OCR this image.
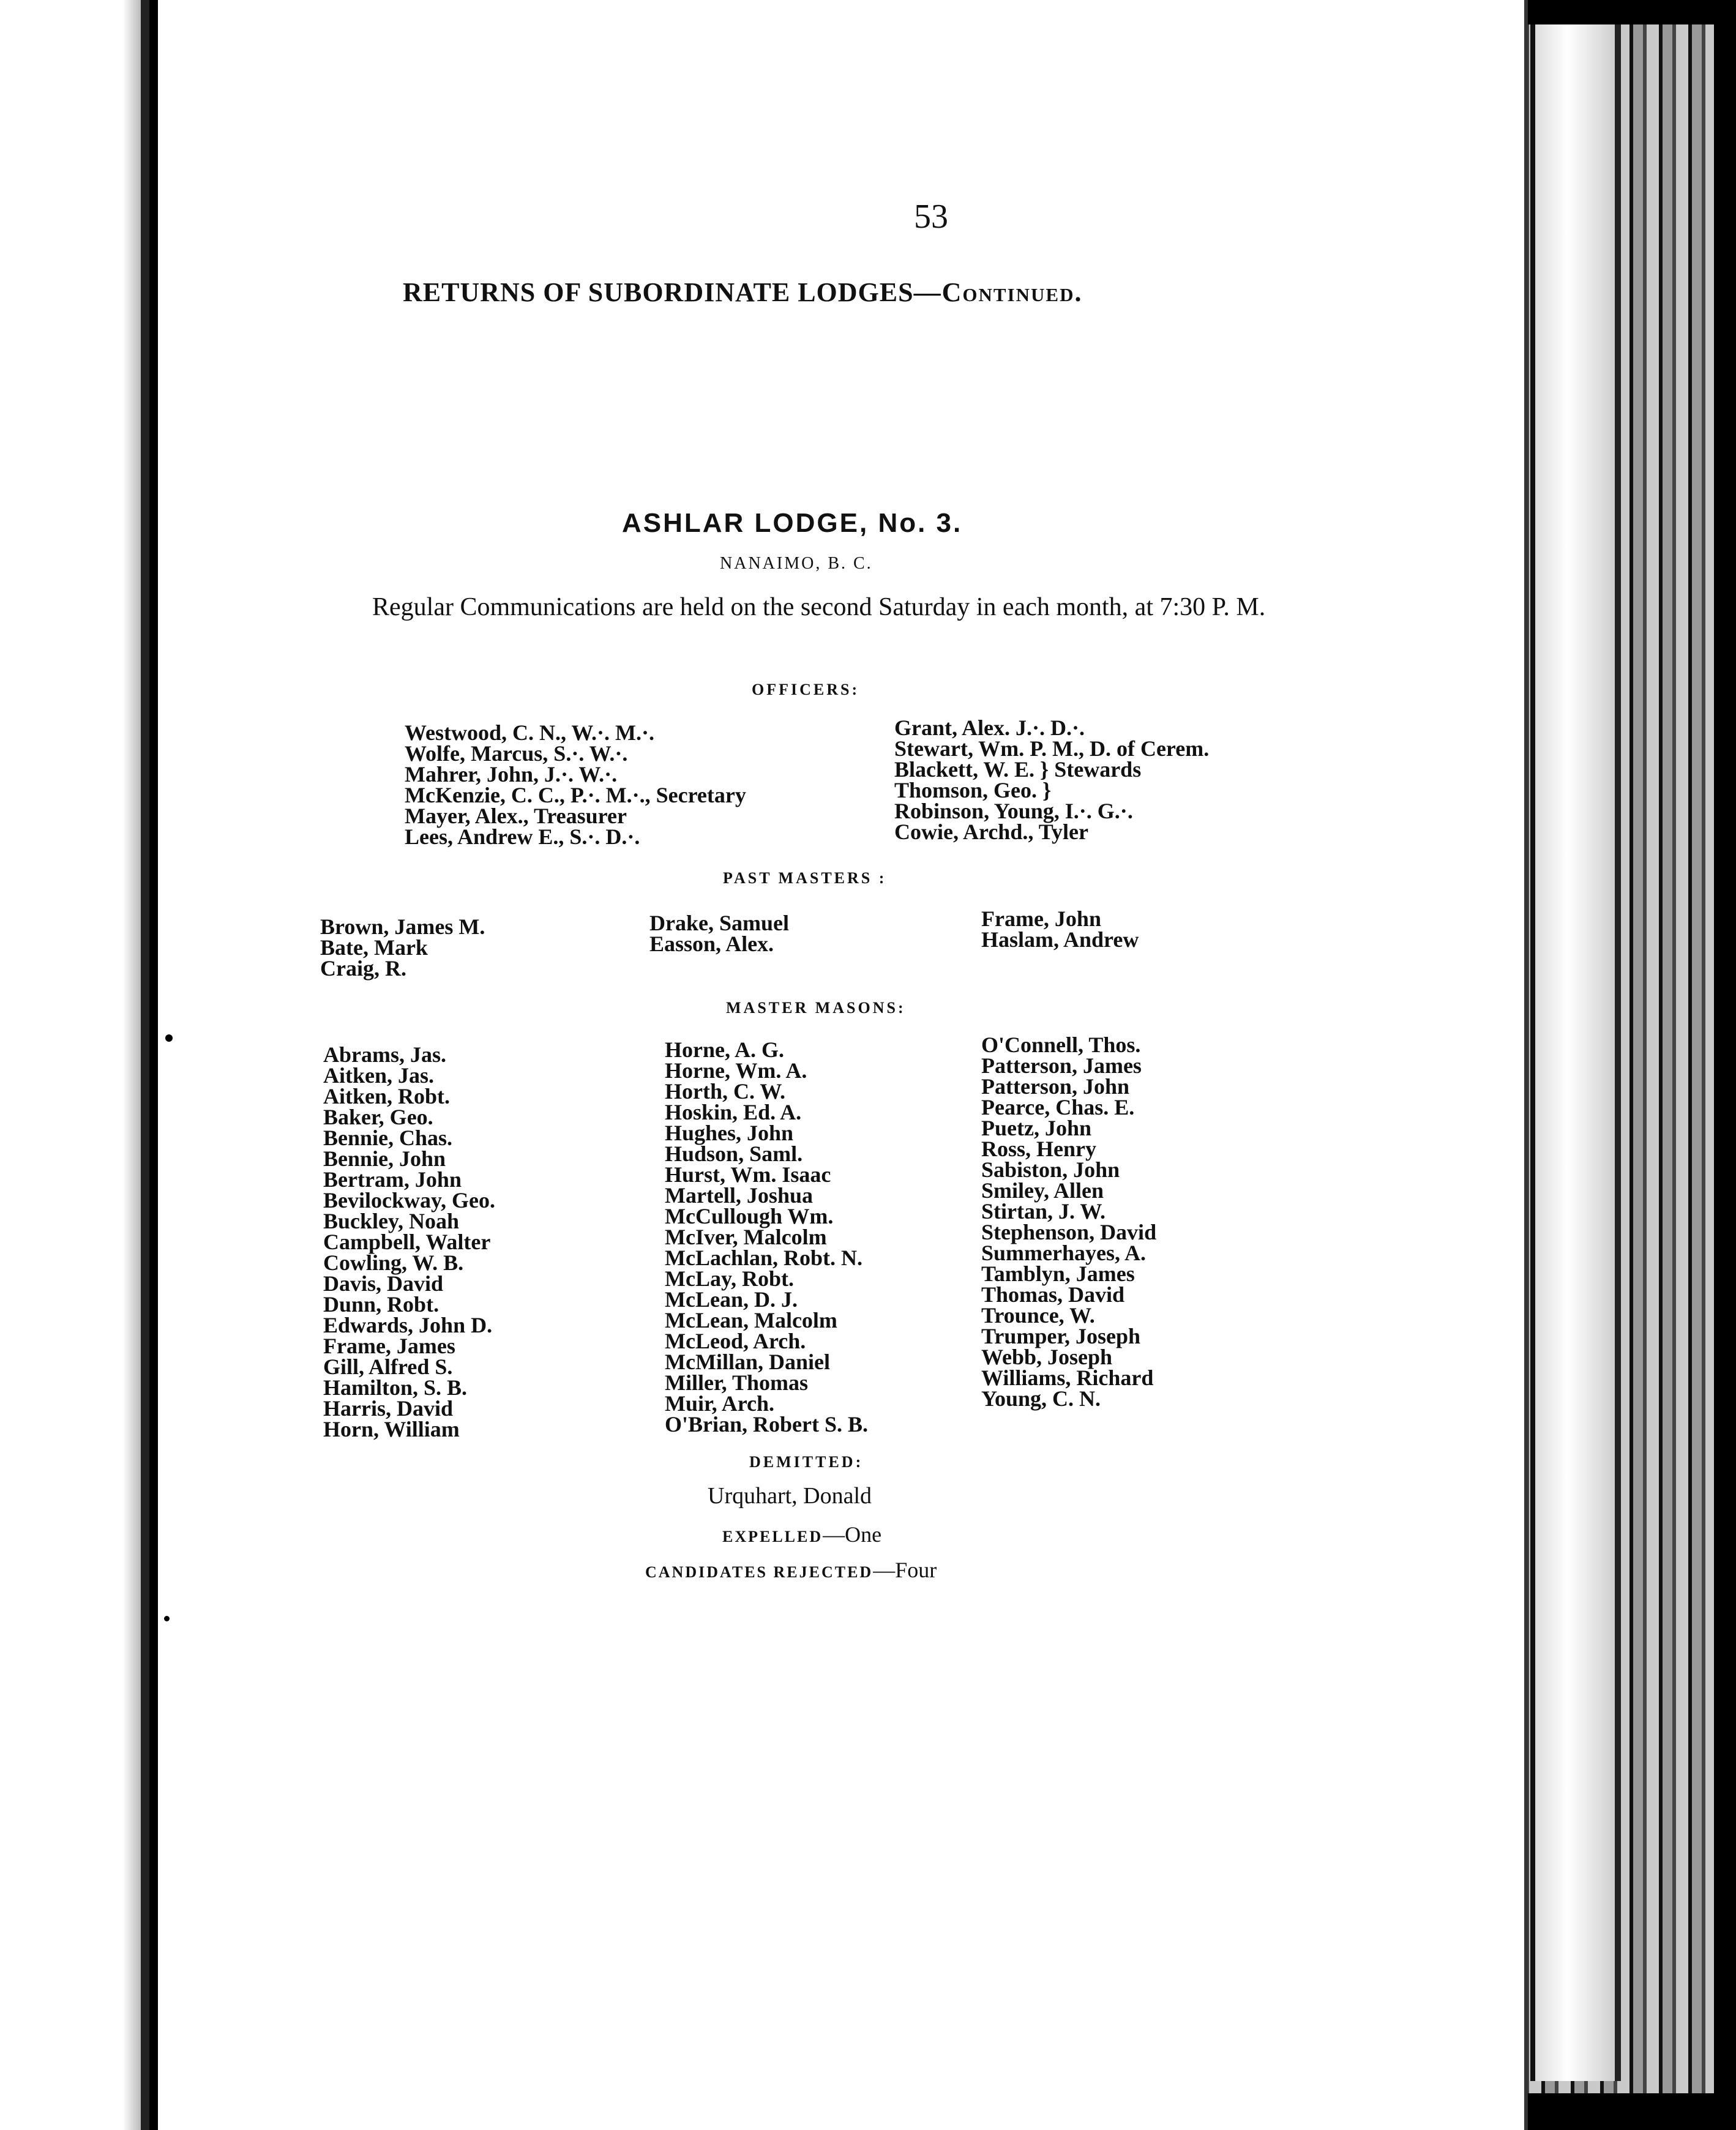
53
RETURNS OF SUBORDINATE LODGES—Continued.
ASHLAR LODGE, No. 3.
NANAIMO, B. C.
Regular Communications are held on the second Saturday in each month, at 7:30 P. M.
OFFICERS:
Westwood, C. N., W.·. M.·.
Wolfe, Marcus, S.·. W.·.
Mahrer, John, J.·. W.·.
McKenzie, C. C., P.·. M.·., Secretary
Mayer, Alex., Treasurer
Lees, Andrew E., S.·. D.·.
Grant, Alex. J.·. D.·.
Stewart, Wm. P. M., D. of Cerem.
Blackett, W. E. } Stewards
Thomson, Geo. }
Robinson, Young, I.·. G.·.
Cowie, Archd., Tyler
PAST MASTERS :
Brown, James M.
Bate, Mark
Craig, R.
Drake, Samuel
Easson, Alex.
Frame, John
Haslam, Andrew
MASTER MASONS:
Abrams, Jas.
Aitken, Jas.
Aitken, Robt.
Baker, Geo.
Bennie, Chas.
Bennie, John
Bertram, John
Bevilockway, Geo.
Buckley, Noah
Campbell, Walter
Cowling, W. B.
Davis, David
Dunn, Robt.
Edwards, John D.
Frame, James
Gill, Alfred S.
Hamilton, S. B.
Harris, David
Horn, William
Horne, A. G.
Horne, Wm. A.
Horth, C. W.
Hoskin, Ed. A.
Hughes, John
Hudson, Saml.
Hurst, Wm. Isaac
Martell, Joshua
McCullough Wm.
McIver, Malcolm
McLachlan, Robt. N.
McLay, Robt.
McLean, D. J.
McLean, Malcolm
McLeod, Arch.
McMillan, Daniel
Miller, Thomas
Muir, Arch.
O'Brian, Robert S. B.
O'Connell, Thos.
Patterson, James
Patterson, John
Pearce, Chas. E.
Puetz, John
Ross, Henry
Sabiston, John
Smiley, Allen
Stirtan, J. W.
Stephenson, David
Summerhayes, A.
Tamblyn, James
Thomas, David
Trounce, W.
Trumper, Joseph
Webb, Joseph
Williams, Richard
Young, C. N.
DEMITTED:
Urquhart, Donald
EXPELLED—One
CANDIDATES REJECTED—Four
